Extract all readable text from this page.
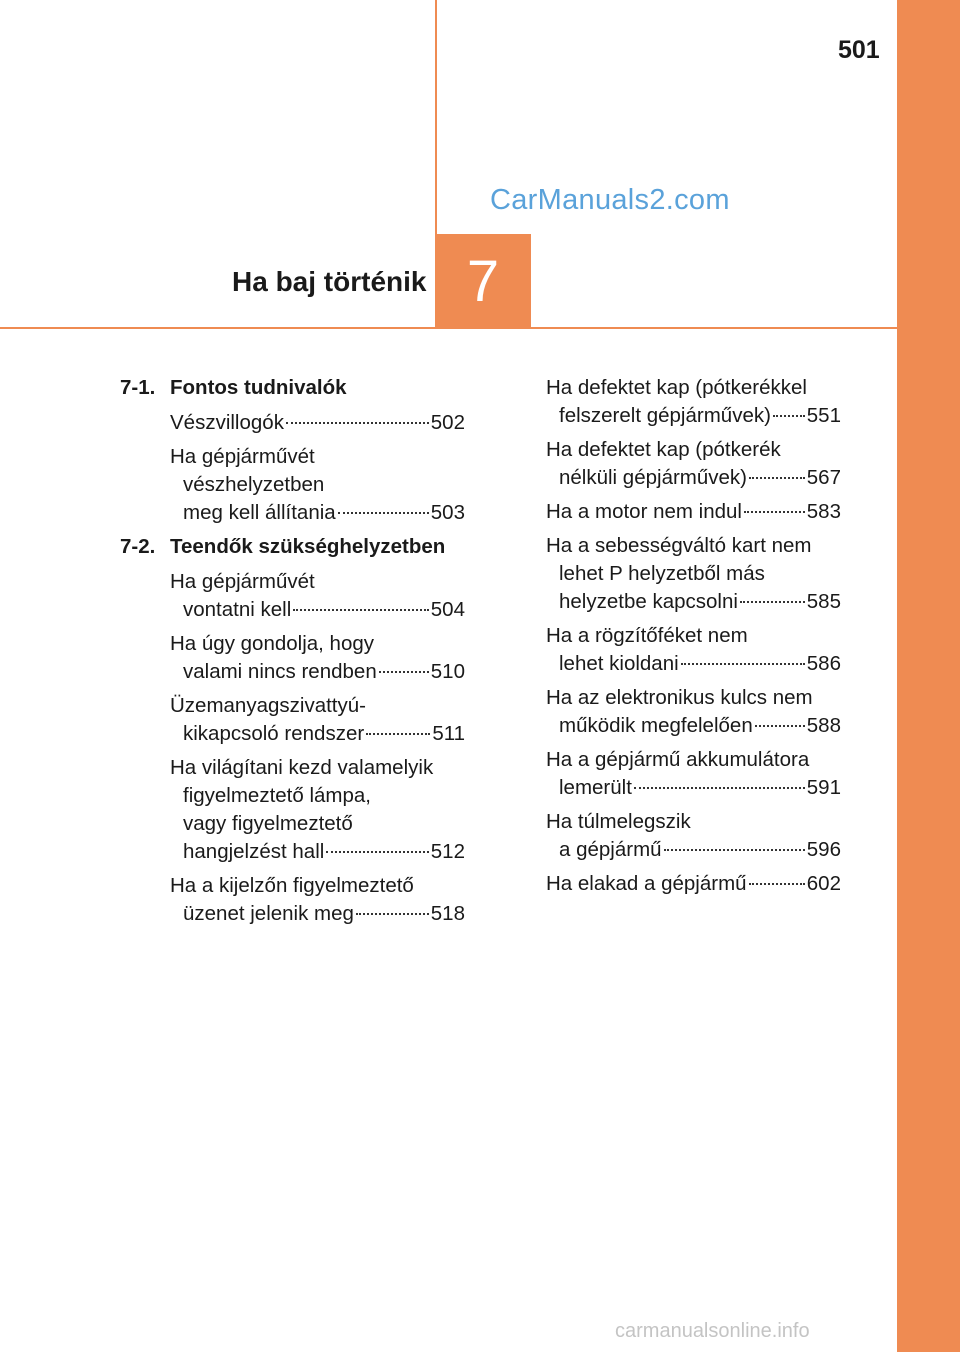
501
CarManuals2.com
Ha baj történik 7
7-1. Fontos tudnivalók
Vészvillogók	502
Ha gépjárművét
vészhelyzetben
meg kell állítania	503
7-2. Teendők szükséghelyzetben
Ha gépjárművét
vontatni kell	504
Ha úgy gondolja, hogy
valami nincs rendben	510
Üzemanyagszivattyú-
kikapcsoló rendszer	511
Ha világítani kezd valamelyik
figyelmeztető lámpa,
vagy figyelmeztető
hangjelzést hall	512
Ha a kijelzőn figyelmeztető
üzenet jelenik meg	518
Ha defektet kap (pótkerékkel
felszerelt gépjárművek) 551
Ha defektet kap (pótkerék
nélküli gépjárművek)	567
Ha a motor nem indul	583
Ha a sebességváltó kart nem
lehet P helyzetből más
helyzetbe kapcsolni	585
Ha a rögzítőféket nem
lehet kioldani	586
Ha az elektronikus kulcs nem
működik megfelelően	588
Ha a gépjármű akkumulátora
lemerült	591
Ha túlmelegszik
a gépjármű	596
Ha elakad a gépjármű	602
carmanualsonline.info
